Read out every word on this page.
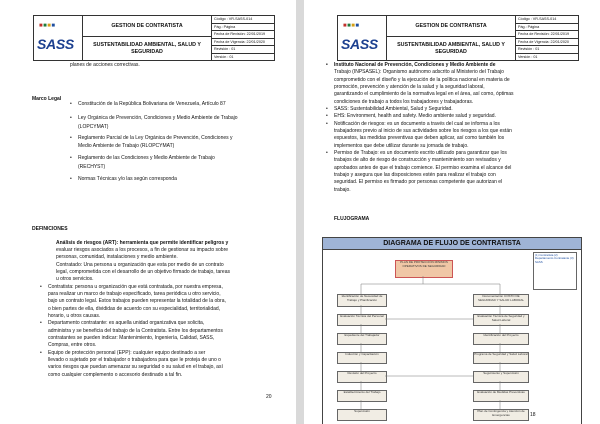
■■■■
SASS
GESTION DE CONTRATISTA
SUSTENTABILIDAD AMBIENTAL, SALUD Y SEGURIDAD
Código : VR-SASS-014
Pág.: Página
Fecha de Revisión: 22/01/2019
Fecha de Vigencia: 22/01/2020
Revisión : 01
Versión : 01
planes de acciones correctivas.
Marco Legal
• Constitución de la República Bolivariana de Venezuela, Artículo 87
• Ley Orgánica de Prevención, Condiciones y Medio Ambiente de Trabajo
(LOPCYMAT)
• Reglamento Parcial de la Ley Orgánica de Prevención, Condiciones y
Medio Ambiente de Trabajo (RLOPCYMAT)
• Reglamento de las Condiciones y Medio Ambiente de Trabajo
(RECHYST)
• Normas Técnicas y/o las según corresponda
DEFINICIONES
Análisis de riesgos (ART): herramienta que permite identificar peligros y
evaluar riesgos asociados a los procesos, a fin de gestionar su impacto sobre
personas, comunidad, instalaciones y medio ambiente.
Contratado: Una persona u organización que esta por medio de un contrato
legal, comprometida con el desarrollo de un objetivo firmado de trabajo, tareas
u otros servicios.
• Contratista: persona u organización que está contratada, por nuestra empresa,
para realizar un marco de trabajo especificado, tarea periódica u otro servicio,
bajo un contrato legal. Estos trabajos pueden representar la totalidad de la obra,
o bien partes de ella, divididas de acuerdo con su especialidad, territorialidad,
horario, u otros causas.
• Departamento contratante: es aquella unidad organizativa que solicita,
administra y se beneficia del trabajo de la Contratista. Entre los departamentos
contratantes se pueden indicar: Mantenimiento, Ingeniería, Calidad, SASS,
Compras, entre otros.
• Equipo de protección personal (EPP): cualquier equipo destinado a ser
llevado o sujetado por el trabajador o trabajadora para que le proteja de uno o
varios riesgos que puedan amenazar su seguridad o su salud en el trabajo, así
como cualquier complemento o accesorio destinado a tal fin.
20
■■■■
SASS
GESTION DE CONTRATISTA
SUSTENTABILIDAD AMBIENTAL, SALUD Y SEGURIDAD
Código : VR-SASS-014
Pág.: Página
Fecha de Revisión: 22/01/2019
Fecha de Vigencia: 22/01/2020
Revisión : 01
Versión : 01
• Instituto Nacional de Prevención, Condiciones y Medio Ambiente de
Trabajo (INPSASEL): Organismo autónomo adscrito al Ministerio del Trabajo
comprometido con el diseño y la ejecución de la política nacional en materia de
promoción, prevención y atención de la salud y la seguridad laboral,
garantizando el cumplimiento de la normativa legal en el área, así como, óptimas
condiciones de trabajo a todos los trabajadores y trabajadoras.
• SASS: Sustentabilidad Ambiental, Salud y Seguridad.
• EHS: Environment, health and safety. Medio ambiente salud y seguridad.
• Notificación de riesgos: es un documento a través del cual se informa a los
trabajadores previo al inicio de sus actividades sobre los riesgos a los que están
expuestos, las medidas preventivas que deben aplicar, así como también los
implementos que debe utilizar durante su jornada de trabajo.
• Permiso de Trabajo: es un documento escrito utilizado para garantizar que los
trabajos de alto de riesgo de construcción y mantenimiento son revisados y
aprobados antes de que el trabajo comience. El permiso examina el alcance del
trabajo y asegura que las disposiciones estén para realizar el trabajo con
seguridad. El permiso es firmado por personas competente que autorizan el
trabajo.
FLUJOGRAMA
DIAGRAMA DE FLUJO DE CONTRATISTA
(1) Contratista (2) Departamento Contratante (3) SASS
PLAN DE PROTECCIÓN MINIMOS OPERATIVOS DE SEGURIDAD
Identificación de Necesidad de Trabajo y Planificación
Evaluación Técnica del Personal
Expediente del Trabajador
Inducción y Capacitación
Revisión del Proyecto
Establecimiento del Trabajo
Supervisión
Documentación COSTO DE SEGURIDAD Y SALUD LABORAL
Evaluación Técnica de Seguridad y Salud Laboral
Identificación del Proyecto
Programa de Seguridad y Salud Laboral
Seguimiento y Supervisión
Evaluación de Medidas Preventivas
Plan de Contingencia y Atención de Emergencias	18
